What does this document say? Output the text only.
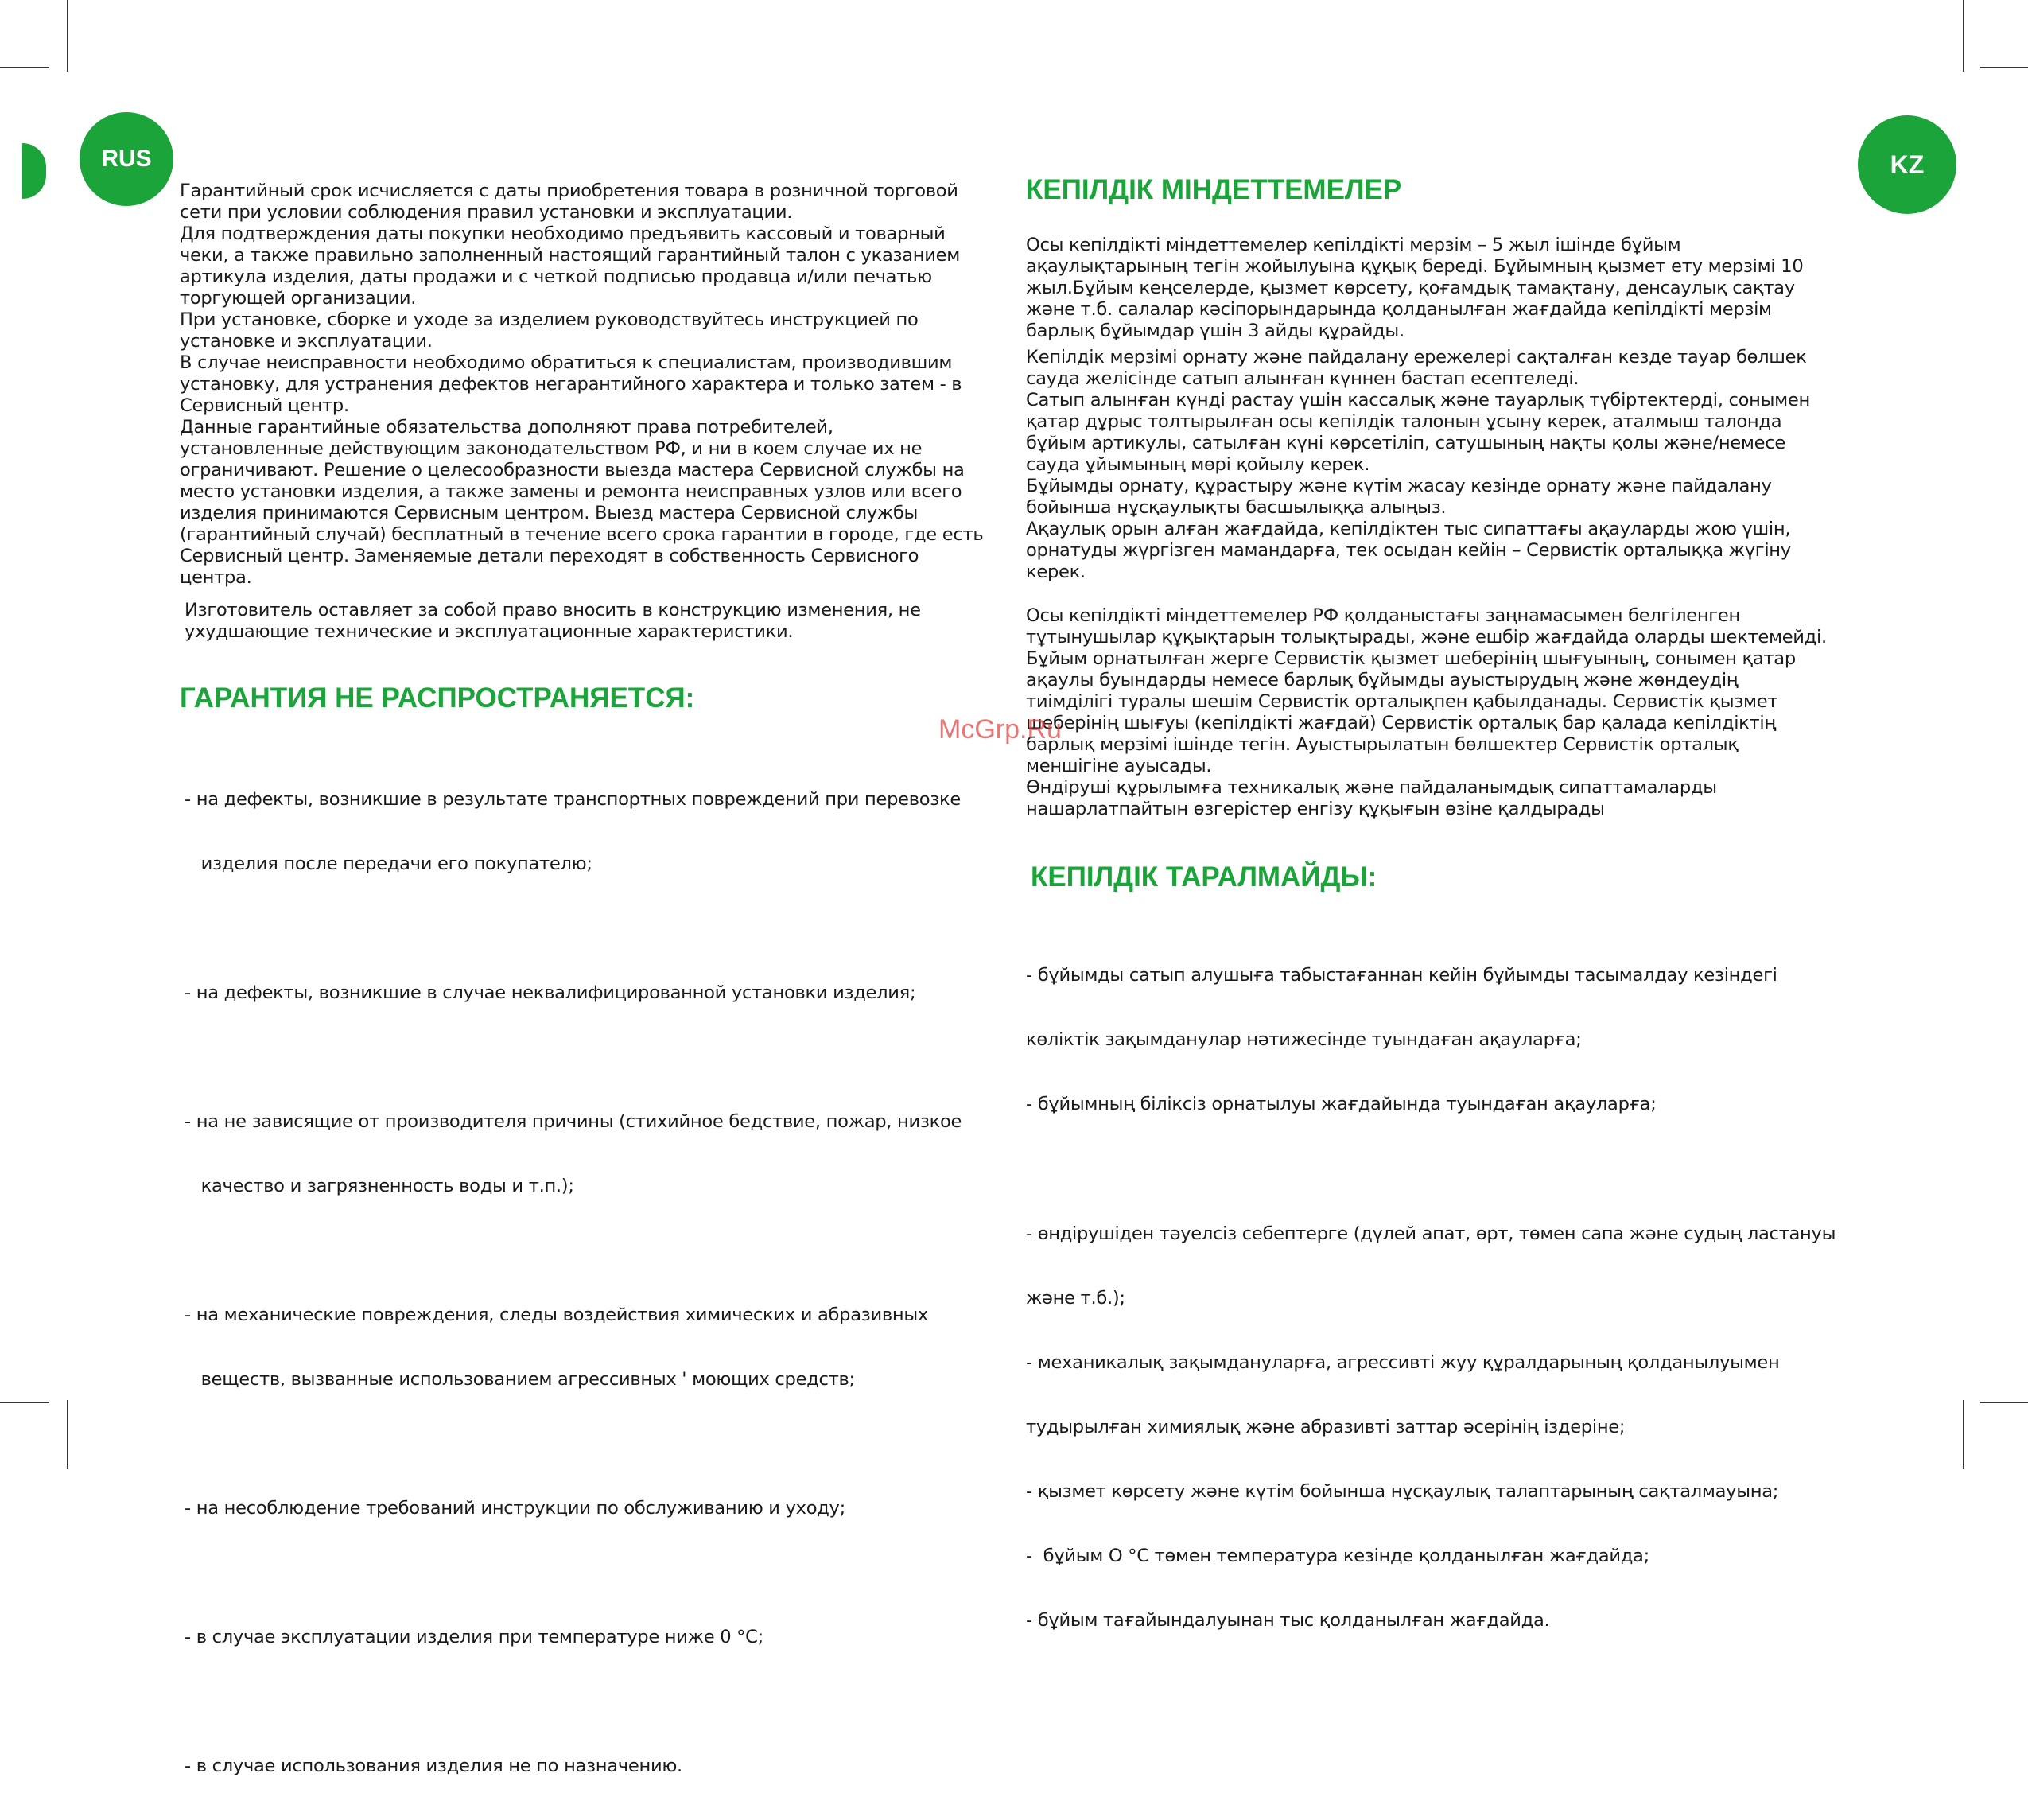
RUS	KZ

Гарантийный срок исчисляется с даты приобретения товара в розничной торговой

сети при условии соблюдения правил установки и эксплуатации.

Для подтверждения даты покупки необходимо предъявить кассовый и товарный

чеки, а также правильно заполненный настоящий гарантийный талон с указанием

артикула изделия, даты продажи и с четкой подписью продавца и/или печатью

торгующей организации.

При установке, сборке и уходе за изделием руководствуйтесь инструкцией по

установке и эксплуатации.

В случае неисправности необходимо обратиться к специалистам, производившим

установку, для устранения дефектов негарантийного характера и только затем - в

Сервисный центр.

Данные гарантийные обязательства дополняют права потребителей,

установленные действующим законодательством РФ, и ни в коем случае их не

ограничивают. Решение о целесообразности выезда мастера Сервисной службы на

место установки изделия, а также замены и ремонта неисправных узлов или всего

изделия принимаются Сервисным центром. Выезд мастера Сервисной службы

(гарантийный случай) бесплатный в течение всего срока гарантии в городе, где есть

Сервисный центр. Заменяемые детали переходят в собственность Сервисного

центра.

Изготовитель оставляет за собой право вносить в конструкцию изменения, не

ухудшающие технические и эксплуатационные характеристики.

ГАРАНТИЯ НЕ РАСПРОСТРАНЯЕТСЯ:

- на дефекты, возникшие в результате транспортных повреждений при перевозке

изделия после передачи его покупателю;

- на дефекты, возникшие в случае неквалифицированной установки изделия;

- на не зависящие от производителя причины (стихийное бедствие, пожар, низкое

качество и загрязненность воды и т.п.);

- на механические повреждения, следы воздействия химических и абразивных

веществ, вызванные использованием агрессивных ' моющих средств;

- на несоблюдение требований инструкции по обслуживанию и уходу;

- в случае эксплуатации изделия при температуре ниже 0 °С;

- в случае использования изделия не по назначению.

КЕПІЛДІК МІНДЕТТЕМЕЛЕР

Осы кепілдікті міндеттемелер кепілдікті мерзім – 5 жыл ішінде бұйым

ақаулықтарының тегін жойылуына құқық береді. Бұйымның қызмет ету мерзімі 10

жыл.Бұйым кеңселерде, қызмет көрсету, қоғамдық тамақтану, денсаулық сақтау

және т.б. салалар кәсіпорындарында қолданылған жағдайда кепілдікті мерзім

барлық бұйымдар үшін 3 айды құрайды.

Кепілдік мерзімі орнату және пайдалану ережелері сақталған кезде тауар бөлшек

сауда желісінде сатып алынған күннен бастап есептеледі.

Сатып алынған күнді растау үшін кассалық және тауарлық түбіртектерді, сонымен

қатар дұрыс толтырылған осы кепілдік талонын ұсыну керек, аталмыш талонда

бұйым артикулы, сатылған күні көрсетіліп, сатушының нақты қолы және/немесе

сауда ұйымының мөрі қойылу керек.

Бұйымды орнату, құрастыру және күтім жасау кезінде орнату және пайдалану

бойынша нұсқаулықты басшылыққа алыңыз.

Ақаулық орын алған жағдайда, кепілдіктен тыс сипаттағы ақауларды жою үшін,

орнатуды жүргізген мамандарға, тек осыдан кейін – Сервистік орталыққа жүгіну

керек.

Осы кепілдікті міндеттемелер РФ қолданыстағы заңнамасымен белгіленген

тұтынушылар құқықтарын толықтырады, және ешбір жағдайда оларды шектемейді.

Бұйым орнатылған жерге Сервистік қызмет шеберінің шығуының, сонымен қатар

ақаулы буындарды немесе барлық бұйымды ауыстырудың және жөндеудің

тиімділігі туралы шешім Сервистік орталықпен қабылданады. Сервистік қызмет

шеберінің шығуы (кепілдікті жағдай) Сервистік орталық бар қалада кепілдіктің

барлық мерзімі ішінде тегін. Ауыстырылатын бөлшектер Сервистік орталық

меншігіне ауысады.

Өндіруші құрылымға техникалық және пайдаланымдық сипаттамаларды

нашарлатпайтын өзгерістер енгізу құқығын өзіне қалдырады

КЕПІЛДІК ТАРАЛМАЙДЫ:

- бұйымды сатып алушыға табыстағаннан кейін бұйымды тасымалдау кезіндегі

көліктік зақымданулар нәтижесінде туындаған ақауларға;

- бұйымның біліксіз орнатылуы жағдайында туындаған ақауларға;

- өндірушіден тәуелсіз себептерге (дүлей апат, өрт, төмен сапа және судың ластануы

және т.б.);

- механикалық зақымдануларға, агрессивті жуу құралдарының қолданылуымен

тудырылған химиялық және абразивті заттар әсерінің іздеріне;

- қызмет көрсету және күтім бойынша нұсқаулық талаптарының сақталмауына;

-  бұйым О °С төмен температура кезінде қолданылған жағдайда;

- бұйым тағайындалуынан тыс қолданылған жағдайда.

McGrp.Ru
